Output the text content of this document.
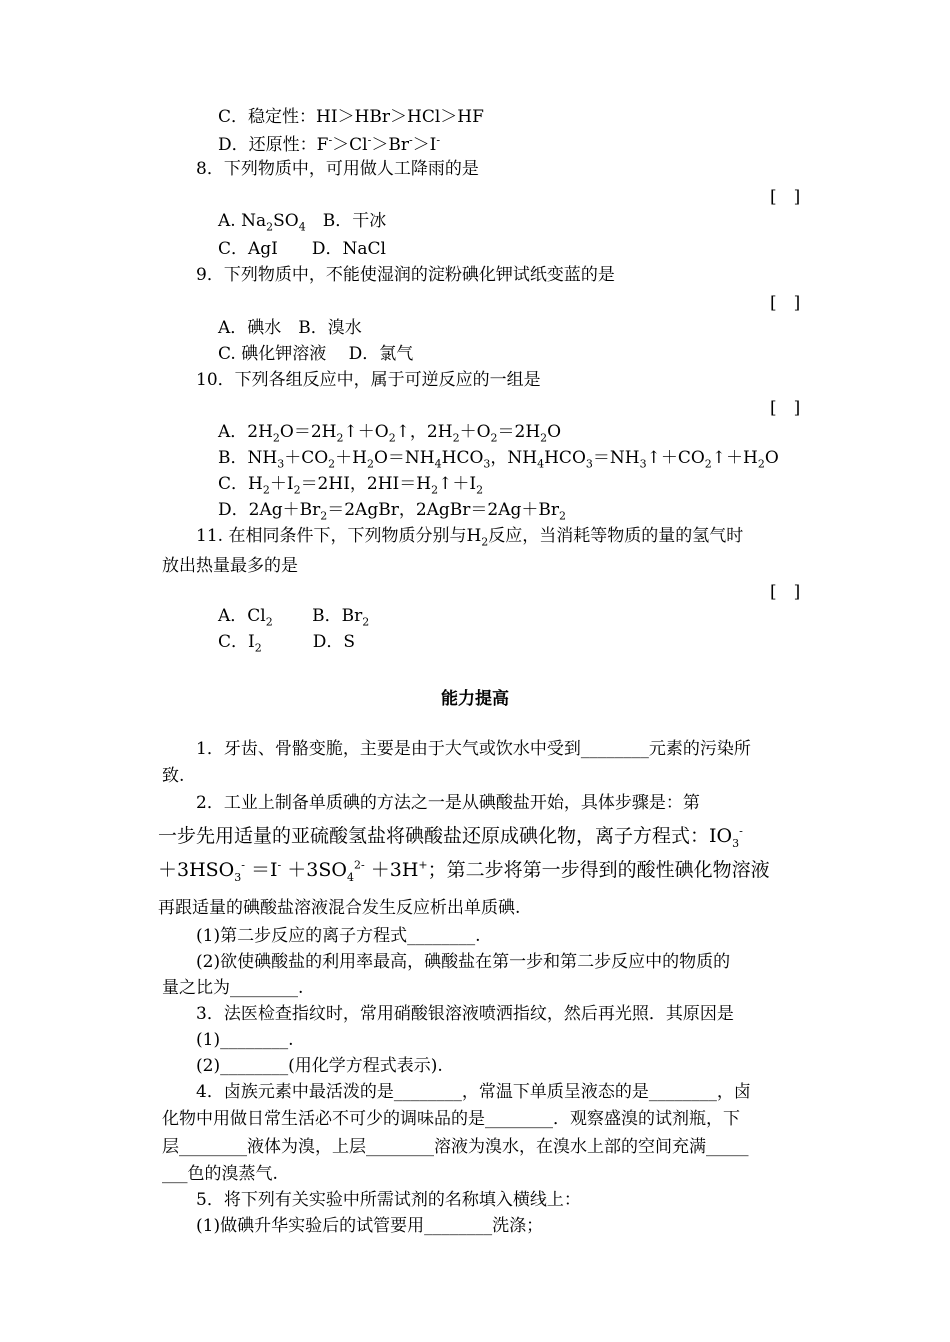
C．稳定性：HI＞HBr＞HCl＞HF
D．还原性：F-＞Cl-＞Br-＞I-
8．下列物质中，可用做人工降雨的是
[　]
A. $Na_2SO_4$　B．干冰
C．AgI　　D．NaCl
9．下列物质中，不能使湿润的淀粉碘化钾试纸变蓝的是
[　]
A．碘水　B．溴水
C. 碘化钾溶液　 D．氯气
10．下列各组反应中，属于可逆反应的一组是
[　]
A．$2H_2O=2H_2↑+O_2↑$，$2H_2+O_2=2H_2O$
B．$NH_3+CO_2+H_2O=NH_4HCO_3$，$NH_4HCO_3=NH_3↑+CO_2↑+H_2O$
C．$H_2+I_2=2HI$，$2HI=H_2↑+I_2$
D．$2Ag+Br_2=2AgBr$，$2AgBr=2Ag+Br_2$
11. 在相同条件下，下列物质分别与$H_2$反应，当消耗等物质的量的氢气时
放出热量最多的是
[　]
A．$Cl_2$　　 B．$Br_2$
C．$I_2$　　　D．S
能力提高
1．牙齿、骨骼变脆，主要是由于大气或饮水中受到________元素的污染所
致.
2．工业上制备单质碘的方法之一是从碘酸盐开始，具体步骤是：第
一步先用适量的亚硫酸氢盐将碘酸盐还原成碘化物，离子方程式：$IO_3^-$
$+3HSO_3^- =I^- +3SO_4^{2-} +3H^+$；第二步将第一步得到的酸性碘化物溶液
再跟适量的碘酸盐溶液混合发生反应析出单质碘.
(1)第二步反应的离子方程式________.
(2)欲使碘酸盐的利用率最高，碘酸盐在第一步和第二步反应中的物质的
量之比为________.
3．法医检查指纹时，常用硝酸银溶液喷洒指纹，然后再光照．其原因是
(1)________.
(2)________(用化学方程式表示).
4．卤族元素中最活泼的是________，常温下单质呈液态的是________，卤
化物中用做日常生活必不可少的调味品的是________．观察盛溴的试剂瓶，下
层________液体为溴，上层________溶液为溴水，在溴水上部的空间充满_____
___色的溴蒸气.
5．将下列有关实验中所需试剂的名称填入横线上：
(1)做碘升华实验后的试管要用________洗涤；
